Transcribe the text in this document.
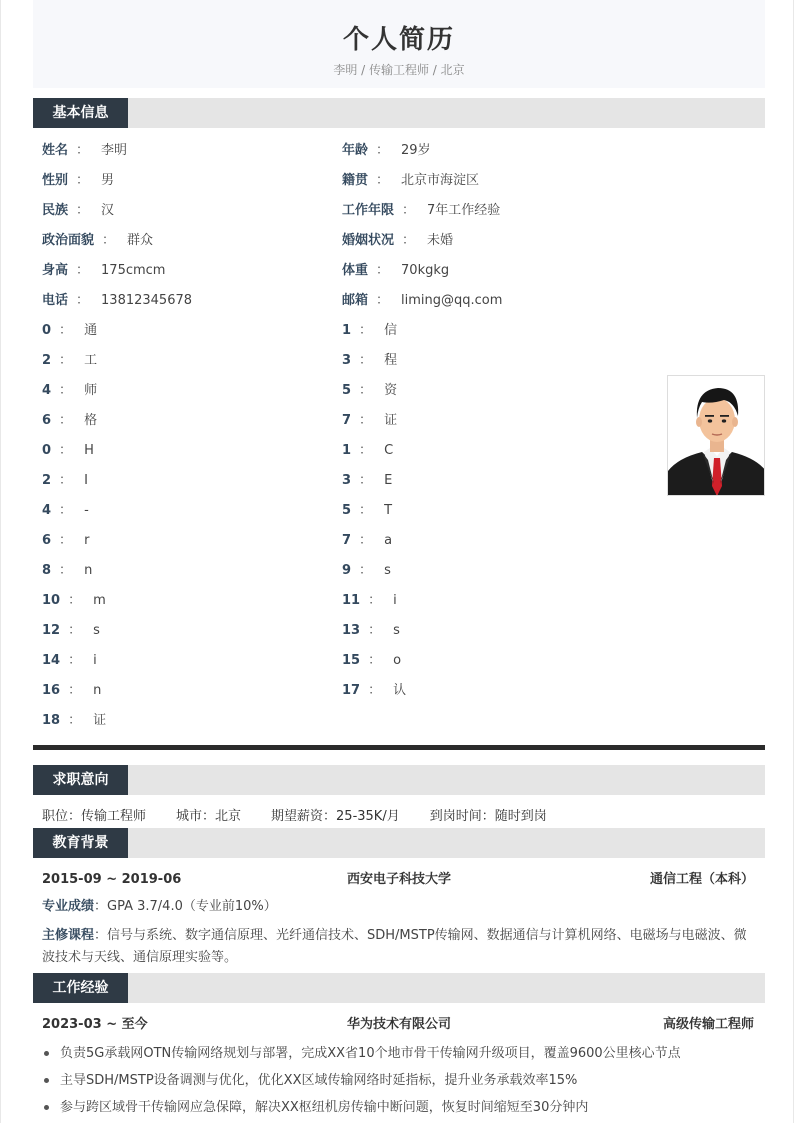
个人简历
李明 / 传输工程师 / 北京
基本信息
姓名 ： 李明	年龄 ： 29岁
性别 ： 男	籍贯 ： 北京市海淀区
民族 ： 汉	工作年限 ： 7年工作经验
政治面貌 ： 群众	婚姻状况 ： 未婚
身高 ： 175cmcm	体重 ： 70kgkg
电话 ： 13812345678	邮箱 ： liming@qq.com
0 ： 通	1 ： 信
2 ： 工	3 ： 程
4 ： 师	5 ： 资
6 ： 格	7 ： 证
0 ： H	1 ： C
2 ： I	3 ： E
4 ： -	5 ： T
6 ： r	7 ： a
8 ： n	9 ： s
10 ： m	11 ： i
12 ： s	13 ： s
14 ： i	15 ： o
16 ： n	17 ： 认
18 ： 证
求职意向
职位：传输工程师 城市：北京 期望薪资：25-35K/月 到岗时间：随时到岗
教育背景
2015-09 ~ 2019-06	西安电子科技大学	通信工程（本科）
专业成绩：GPA 3.7/4.0（专业前10%）
主修课程：信号与系统、数字通信原理、光纤通信技术、SDH/MSTP传输网、数据通信与计算机网络、电磁场与电磁波、微波技术与天线、通信原理实验等。
工作经验
2023-03 ~ 至今	华为技术有限公司	高级传输工程师
负责5G承载网OTN传输网络规划与部署，完成XX省10个地市骨干传输网升级项目，覆盖9600公里核心节点
主导SDH/MSTP设备调测与优化，优化XX区域传输网络时延指标，提升业务承载效率15%
参与跨区域骨干传输网应急保障，解决XX枢纽机房传输中断问题，恢复时间缩短至30分钟内
